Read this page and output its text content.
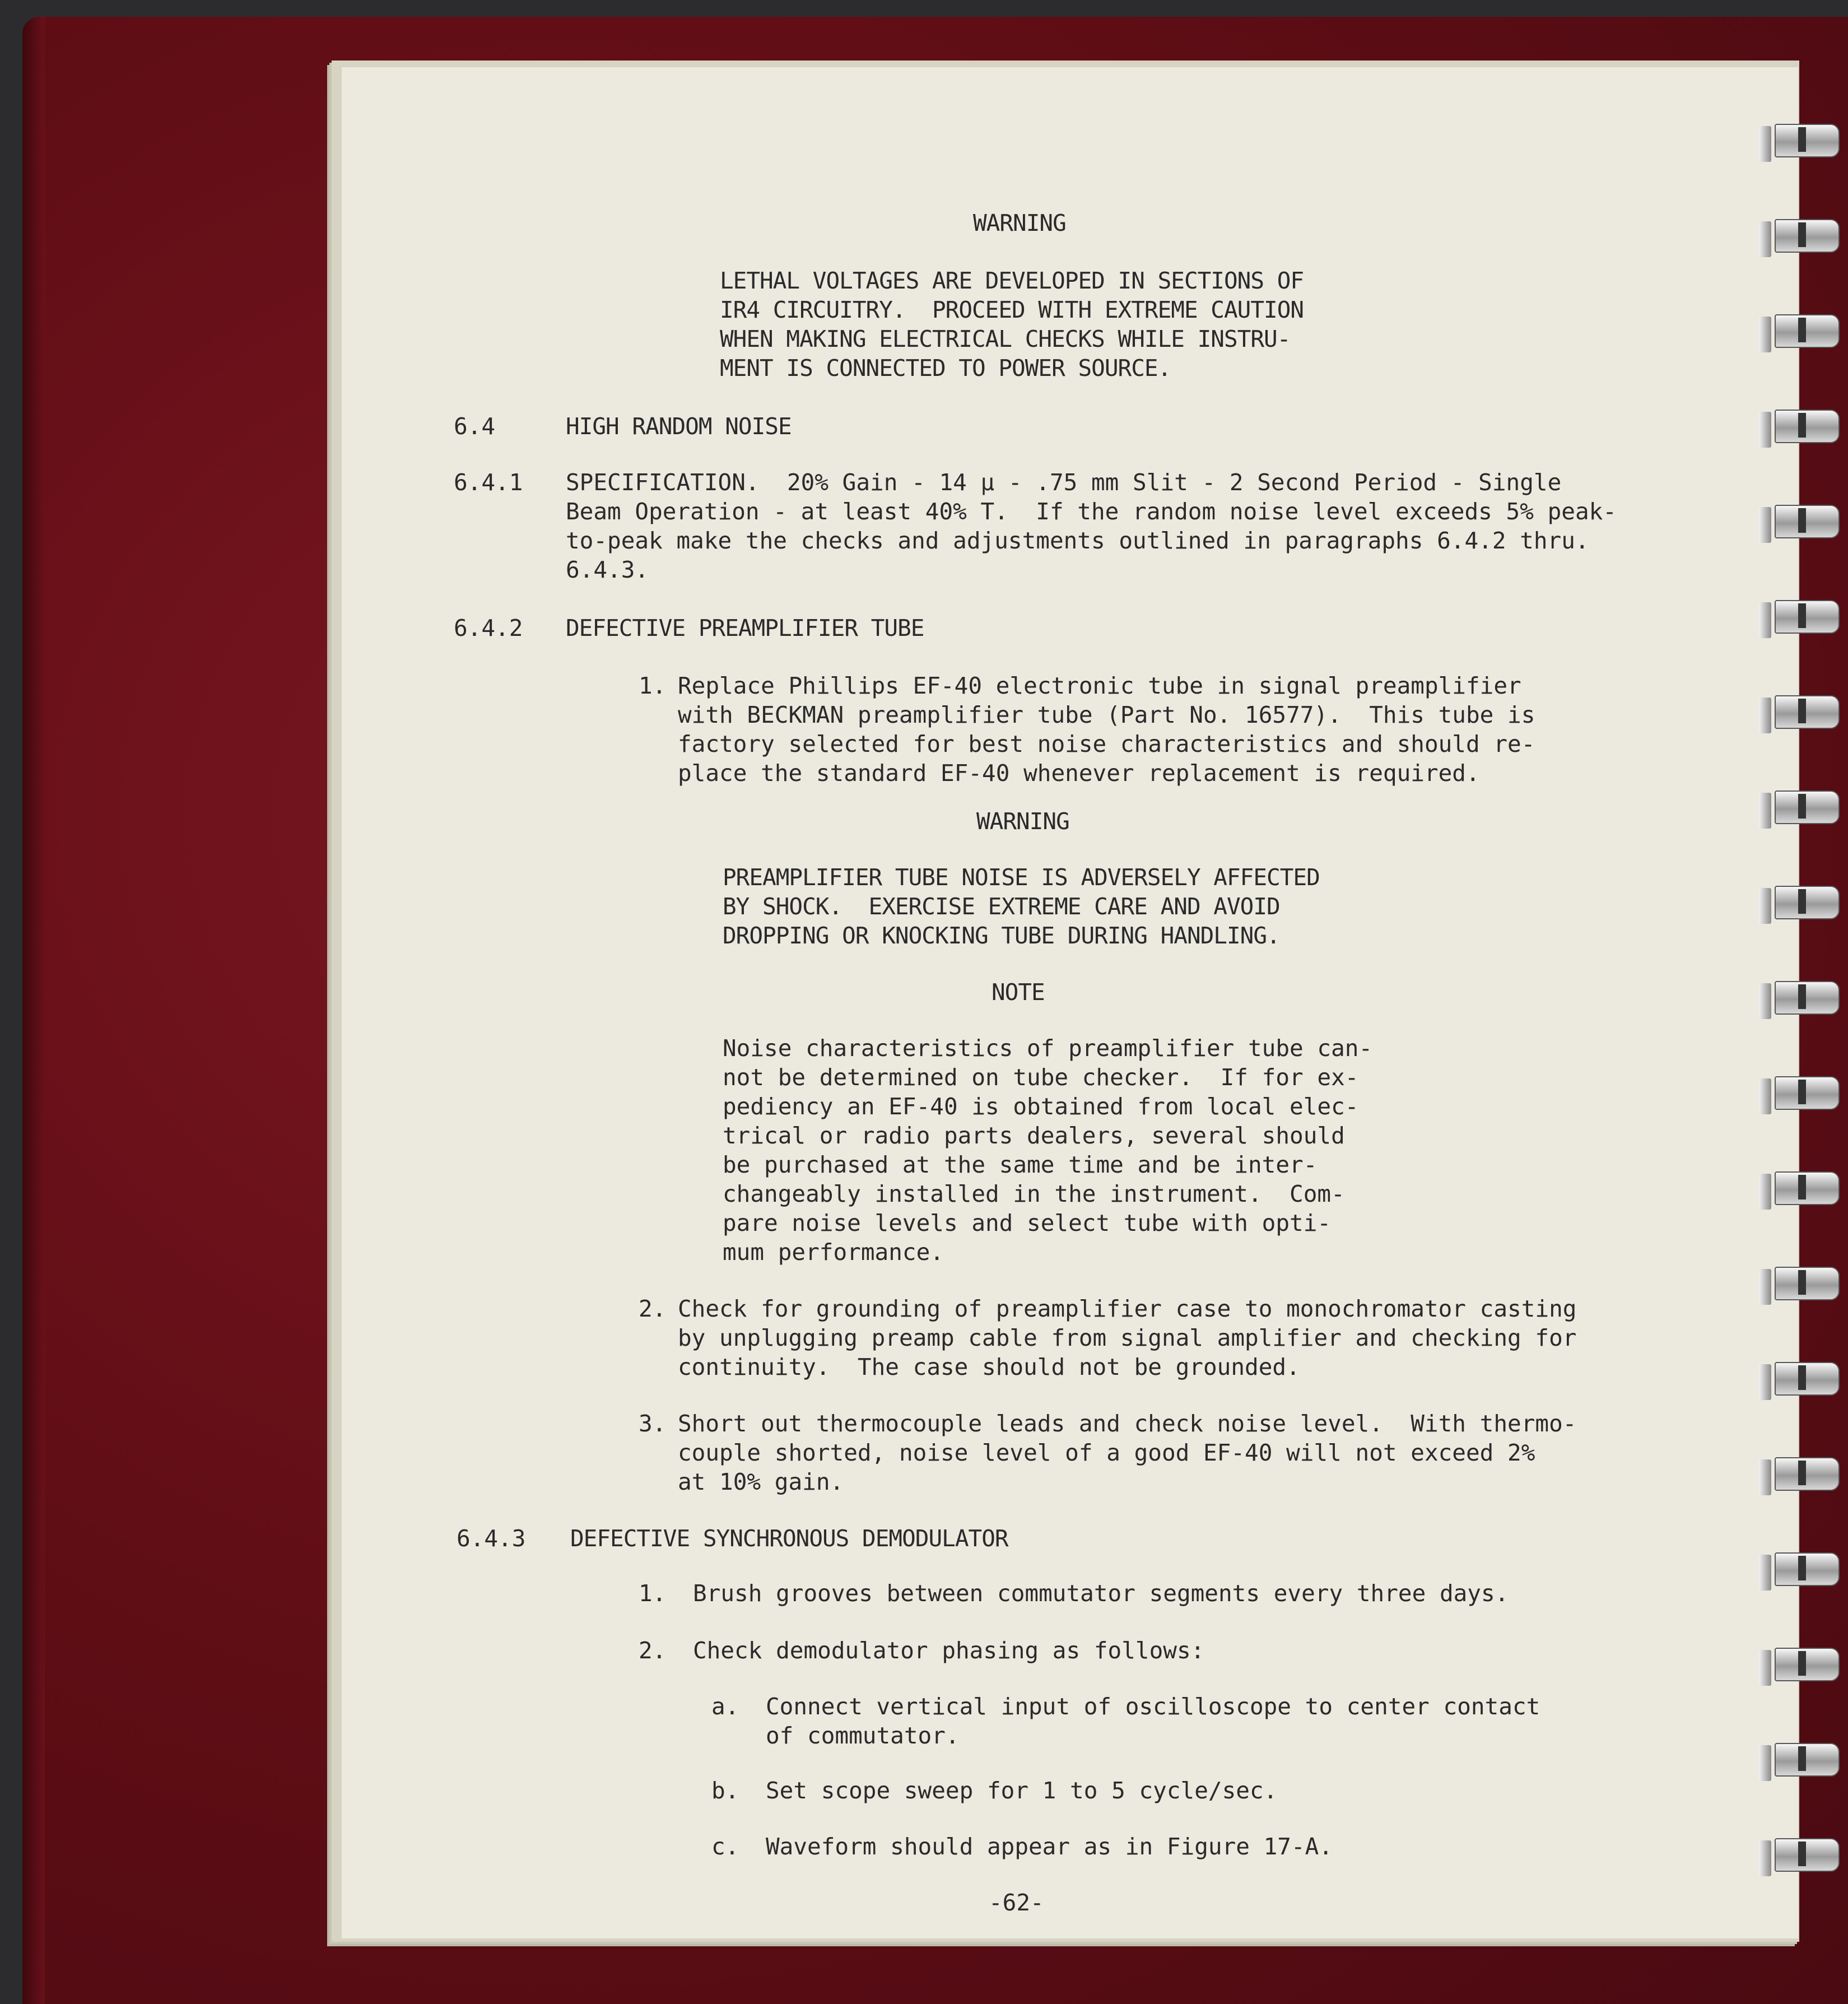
WARNING

LETHAL VOLTAGES ARE DEVELOPED IN SECTIONS OF

IR4 CIRCUITRY.  PROCEED WITH EXTREME CAUTION

WHEN MAKING ELECTRICAL CHECKS WHILE INSTRU-

MENT IS CONNECTED TO POWER SOURCE.

6.4	HIGH RANDOM NOISE

6.4.1 SPECIFICATION.  20% Gain - 14 μ - .75 mm Slit - 2 Second Period - Single

Beam Operation - at least 40% T.  If the random noise level exceeds 5% peak-

to-peak make the checks and adjustments outlined in paragraphs 6.4.2 thru.

6.4.3.

6.4.2 DEFECTIVE PREAMPLIFIER TUBE

1. Replace Phillips EF-40 electronic tube in signal preamplifier

with BECKMAN preamplifier tube (Part No. 16577).  This tube is

factory selected for best noise characteristics and should re-

place the standard EF-40 whenever replacement is required.

WARNING

PREAMPLIFIER TUBE NOISE IS ADVERSELY AFFECTED

BY SHOCK.  EXERCISE EXTREME CARE AND AVOID

DROPPING OR KNOCKING TUBE DURING HANDLING.

NOTE

Noise characteristics of preamplifier tube can-

not be determined on tube checker.  If for ex-

pediency an EF-40 is obtained from local elec-

trical or radio parts dealers, several should

be purchased at the same time and be inter-

changeably installed in the instrument.  Com-

pare noise levels and select tube with opti-

mum performance.

2. Check for grounding of preamplifier case to monochromator casting

by unplugging preamp cable from signal amplifier and checking for

continuity.  The case should not be grounded.

3. Short out thermocouple leads and check noise level.  With thermo-

couple shorted, noise level of a good EF-40 will not exceed 2%

at 10% gain.

6.4.3 DEFECTIVE SYNCHRONOUS DEMODULATOR

1. Brush grooves between commutator segments every three days.

2. Check demodulator phasing as follows:

a. Connect vertical input of oscilloscope to center contact

of commutator.

b. Set scope sweep for 1 to 5 cycle/sec.

c. Waveform should appear as in Figure 17-A.

-62-
